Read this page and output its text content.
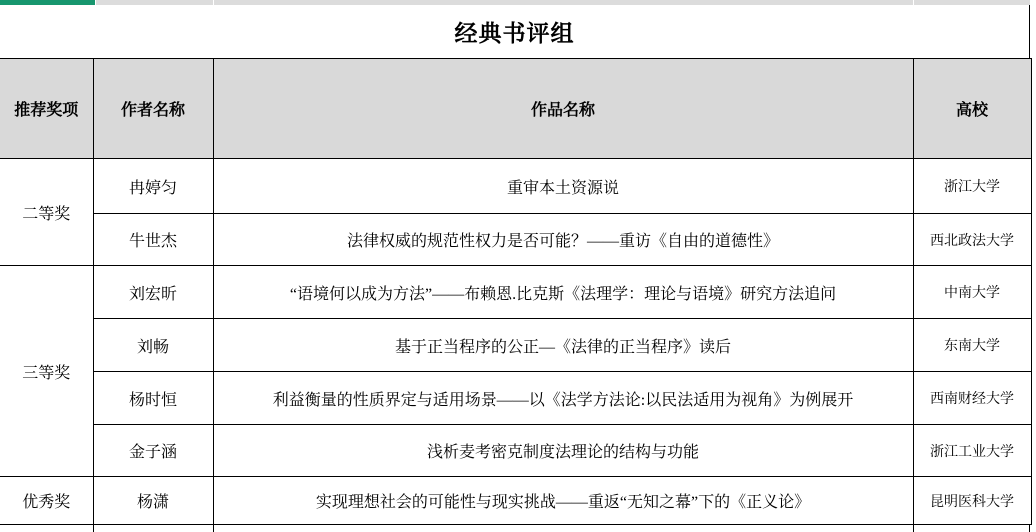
经典书评组
推荐奖项	作者名称	作品名称	高校
二等奖	冉婷匀	重审本土资源说	浙江大学
	牛世杰	法律权威的规范性权力是否可能？——重访《自由的道德性》	西北政法大学
三等奖	刘宏昕	“语境何以成为方法”——布赖恩.比克斯《法理学：理论与语境》研究方法追问	中南大学
	刘畅	基于正当程序的公正—《法律的正当程序》读后	东南大学
	杨时恒	利益衡量的性质界定与适用场景——以《法学方法论:以民法适用为视角》为例展开	西南财经大学
	金子涵	浅析麦考密克制度法理论的结构与功能	浙江工业大学
优秀奖	杨潇	实现理想社会的可能性与现实挑战——重返“无知之幕”下的《正义论》	昆明医科大学
